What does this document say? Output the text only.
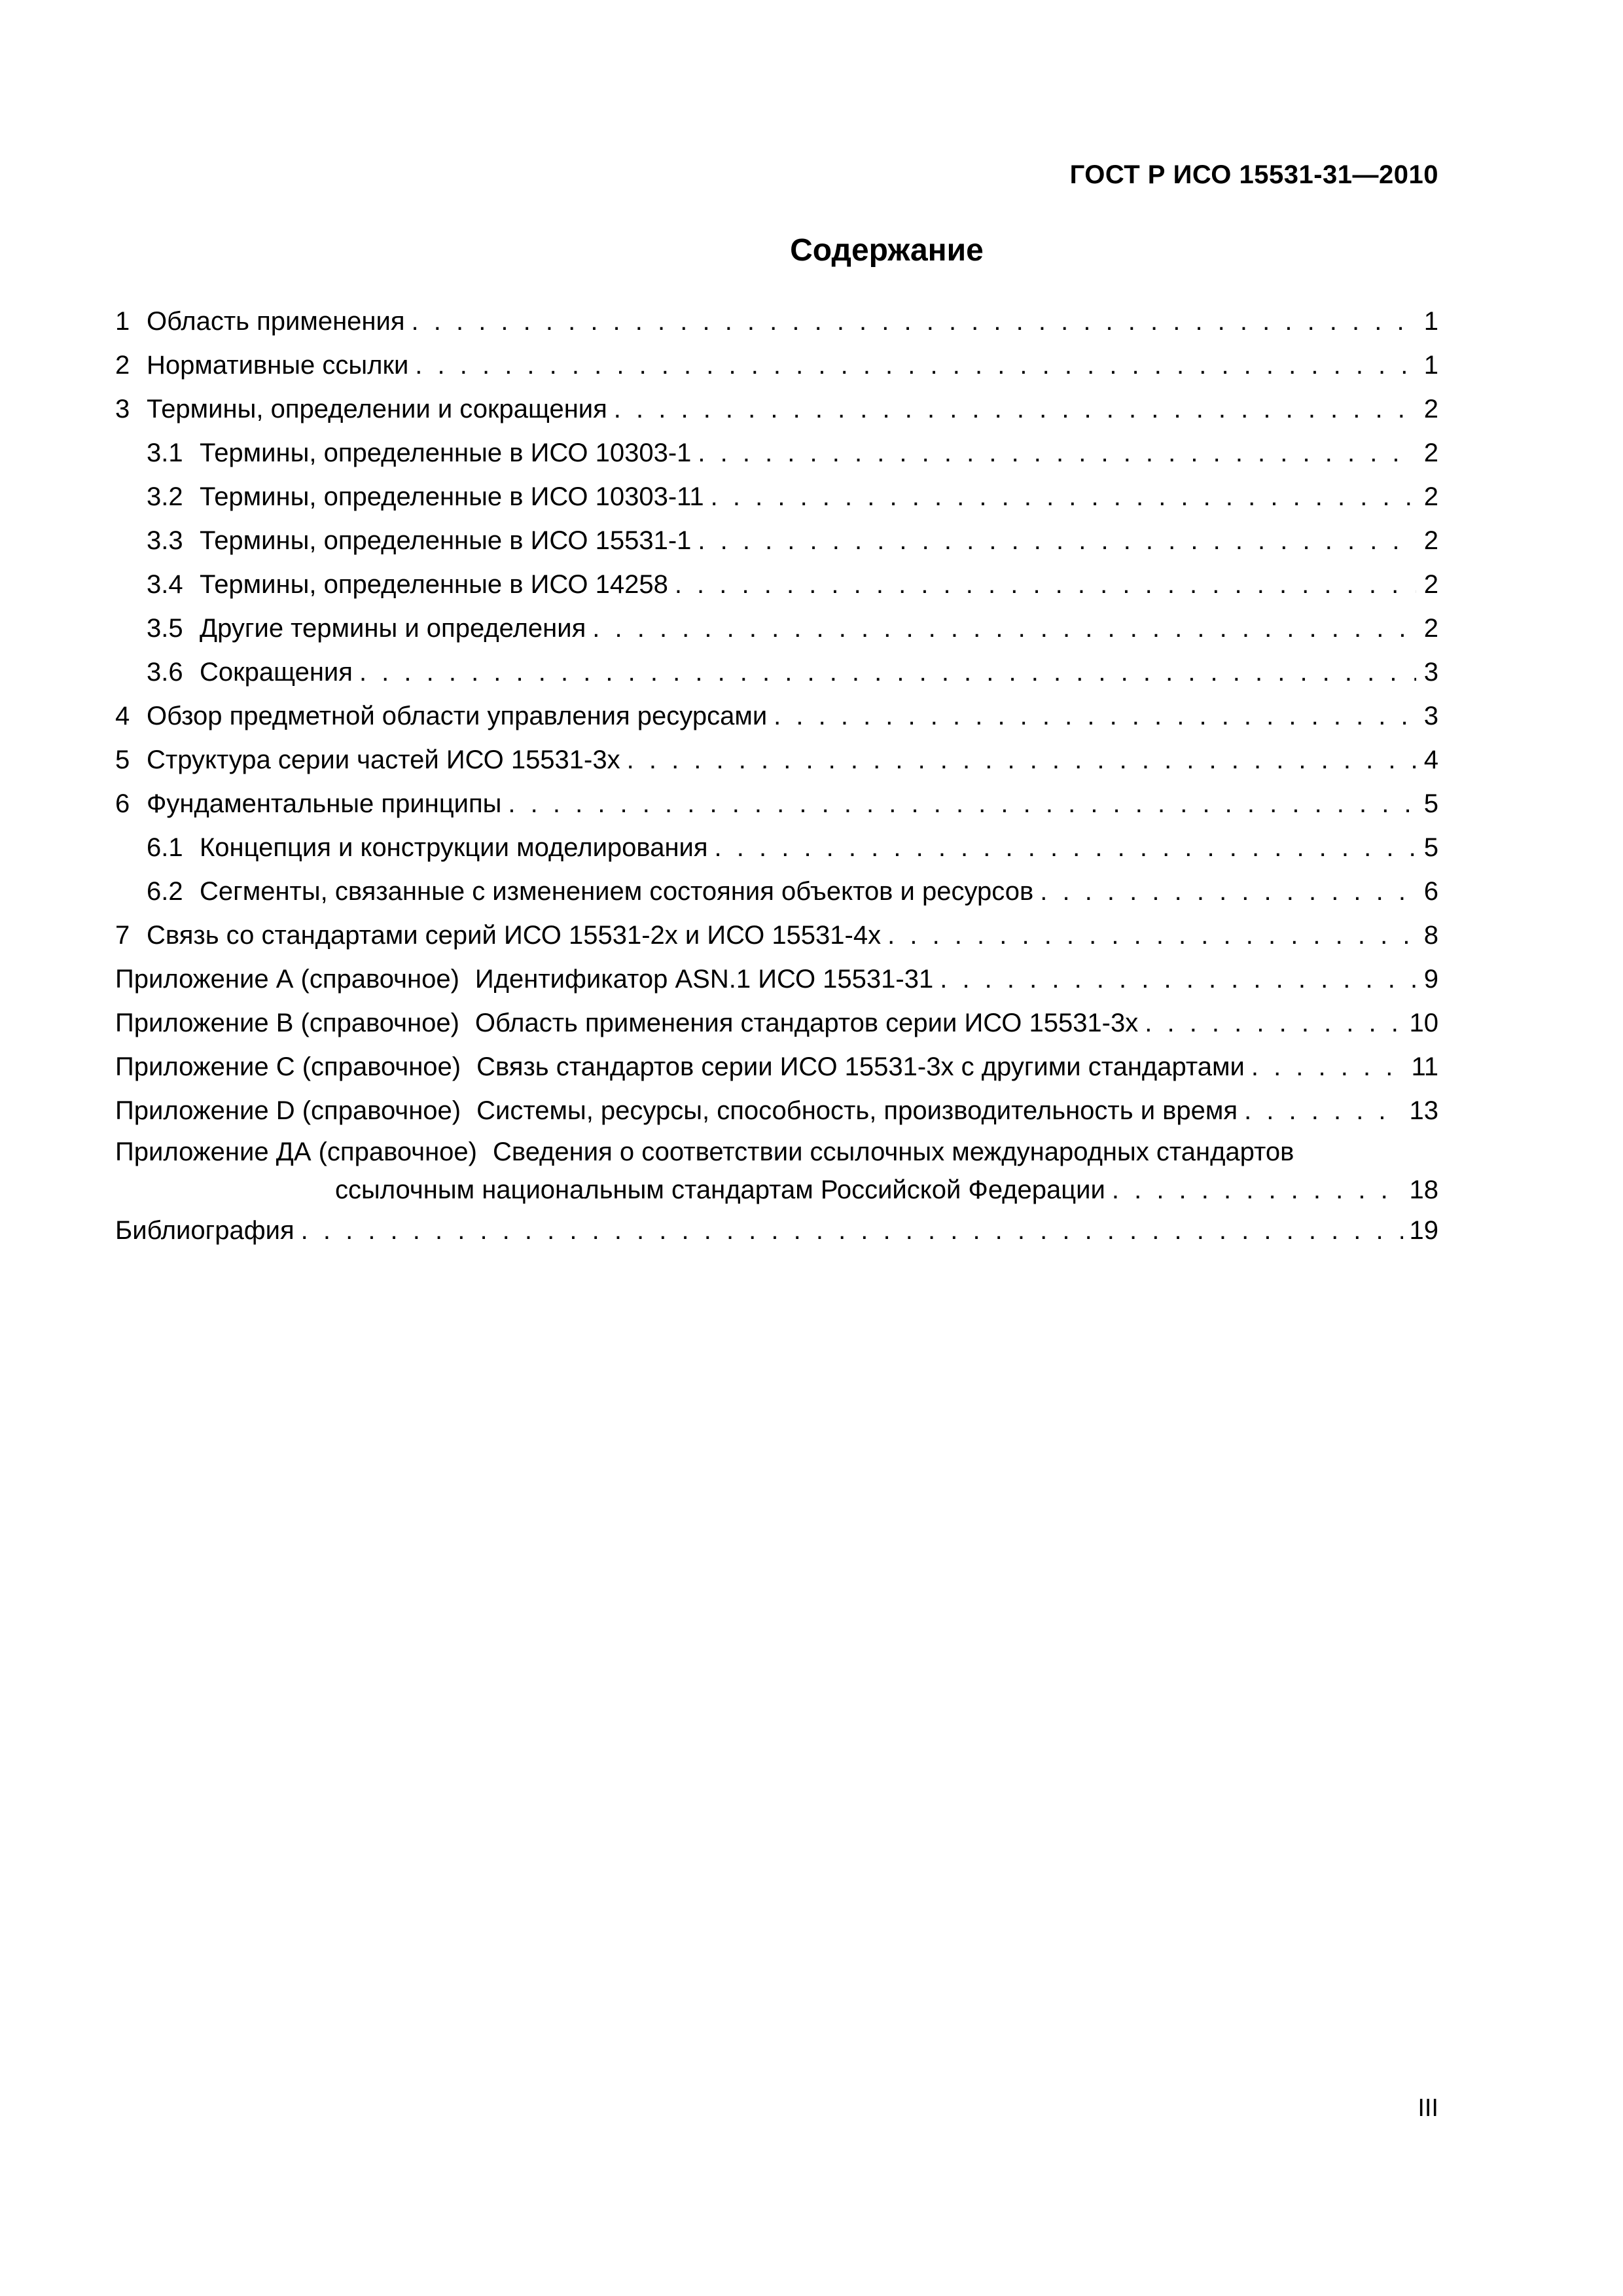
ГОСТ Р ИСО 15531-31—2010
Содержание
1 Область применения . . .	1
2 Нормативные ссылки . . .	1
3 Термины, определении и сокращения . . .	2
3.1 Термины, определенные в ИСО 10303-1 . . .	2
3.2 Термины, определенные в ИСО 10303-11 . . .	2
3.3 Термины, определенные в ИСО 15531-1 . . .	2
3.4 Термины, определенные в ИСО 14258 . . .	2
3.5 Другие термины и определения . . .	2
3.6 Сокращения . . .	3
4 Обзор предметной области управления ресурсами . . .	3
5 Структура серии частей ИСО 15531-3х . . .	4
6 Фундаментальные принципы . . .	5
6.1 Концепция и конструкции моделирования . . .	5
6.2 Сегменты, связанные с изменением состояния объектов и ресурсов . . .	6
7 Связь со стандартами серий ИСО 15531-2х и ИСО 15531-4х . . .	8
Приложение А (справочное) Идентификатор ASN.1 ИСО 15531-31 . . .	9
Приложение В (справочное) Область применения стандартов серии ИСО 15531-3х . . .	10
Приложение С (справочное) Связь стандартов серии ИСО 15531-3х с другими стандартами . . .	11
Приложение D (справочное) Системы, ресурсы, способность, производительность и время . . .	13
Приложение ДА (справочное) Сведения о соответствии ссылочных международных стандартов
ссылочным национальным стандартам Российской Федерации . . .	18
Библиография . . .	19
III
